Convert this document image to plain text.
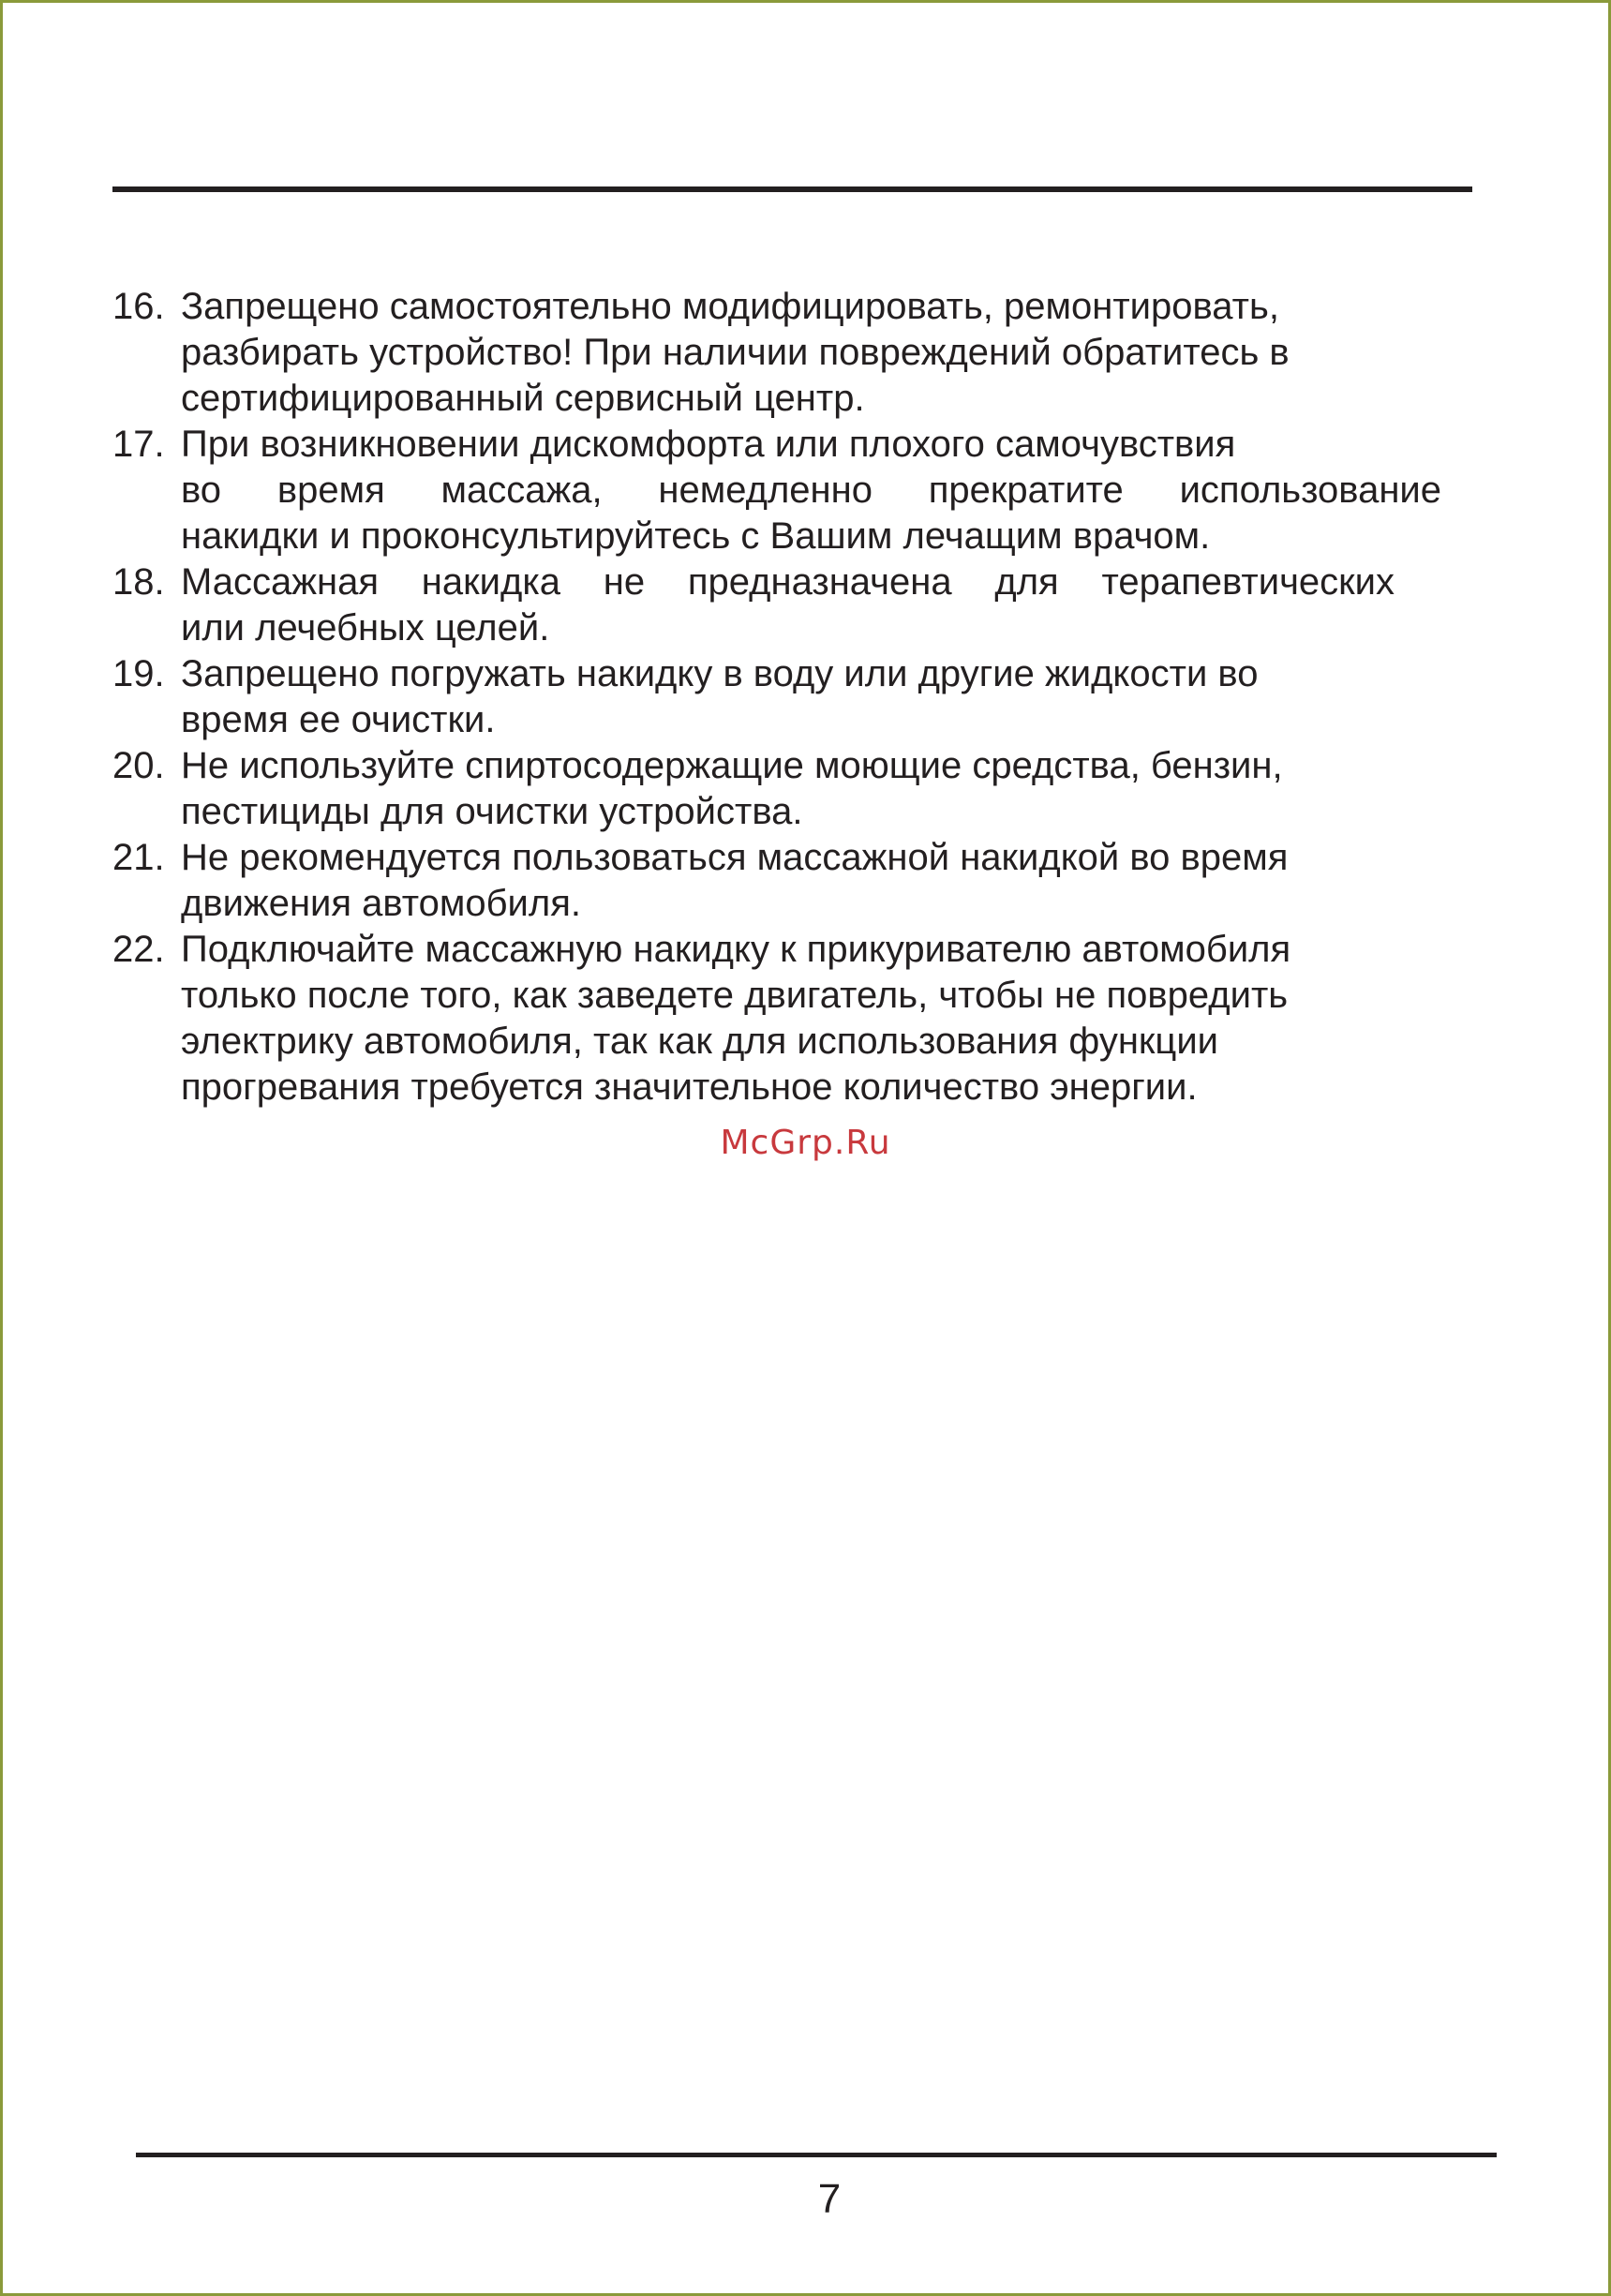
16. Запрещено самостоятельно модифицировать, ремонтировать,
разбирать устройство! При наличии повреждений обратитесь в
сертифицированный сервисный центр.
17. При возникновении дискомфорта или плохого самочувствия
во время массажа, немедленно прекратите использование
накидки и проконсультируйтесь с Вашим лечащим врачом.
18. Массажная накидка не предназначена для терапевтических
или лечебных целей.
19. Запрещено погружать накидку в воду или другие жидкости во
время ее очистки.
20. Не используйте спиртосодержащие моющие средства, бензин,
пестициды для очистки устройства.
21. Не рекомендуется пользоваться массажной накидкой во время
движения автомобиля.
22. Подключайте массажную накидку к прикуривателю автомобиля
только после того, как заведете двигатель, чтобы не повредить
электрику автомобиля, так как для использования функции
прогревания требуется значительное количество энергии.
McGrp.Ru
7
